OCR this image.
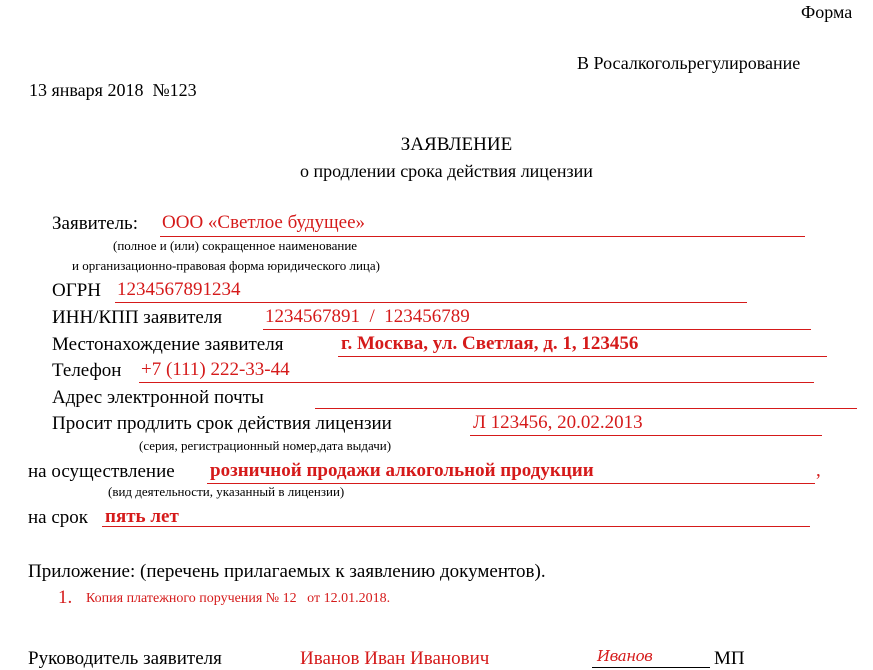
Форма
В Росалкогольрегулирование
13 января 2018 №123
ЗАЯВЛЕНИЕ
о продлении срока действия лицензии
Заявитель: ООО «Светлое будущее»
(полное и (или) сокращенное наименование
и организационно-правовая форма юридического лица)
ОГРН 1234567891234
ИНН/КПП заявителя 1234567891  /  123456789
Местонахождение заявителя	г. Москва, ул. Светлая, д. 1, 123456
Телефон +7 (111) 222-33-44
Адрес электронной почты
Просит продлить срок действия лицензии	Л 123456, 20.02.2013
(серия, регистрационный номер,дата выдачи)
на осуществление розничной продажи алкогольной продукции	,
(вид деятельности, указанный в лицензии)
на срок пять лет
Приложение: (перечень прилагаемых к заявлению документов).
1. Копия платежного поручения № 12   от 12.01.2018.
Руководитель заявителя	Иванов Иван Иванович	Иванов	МП
